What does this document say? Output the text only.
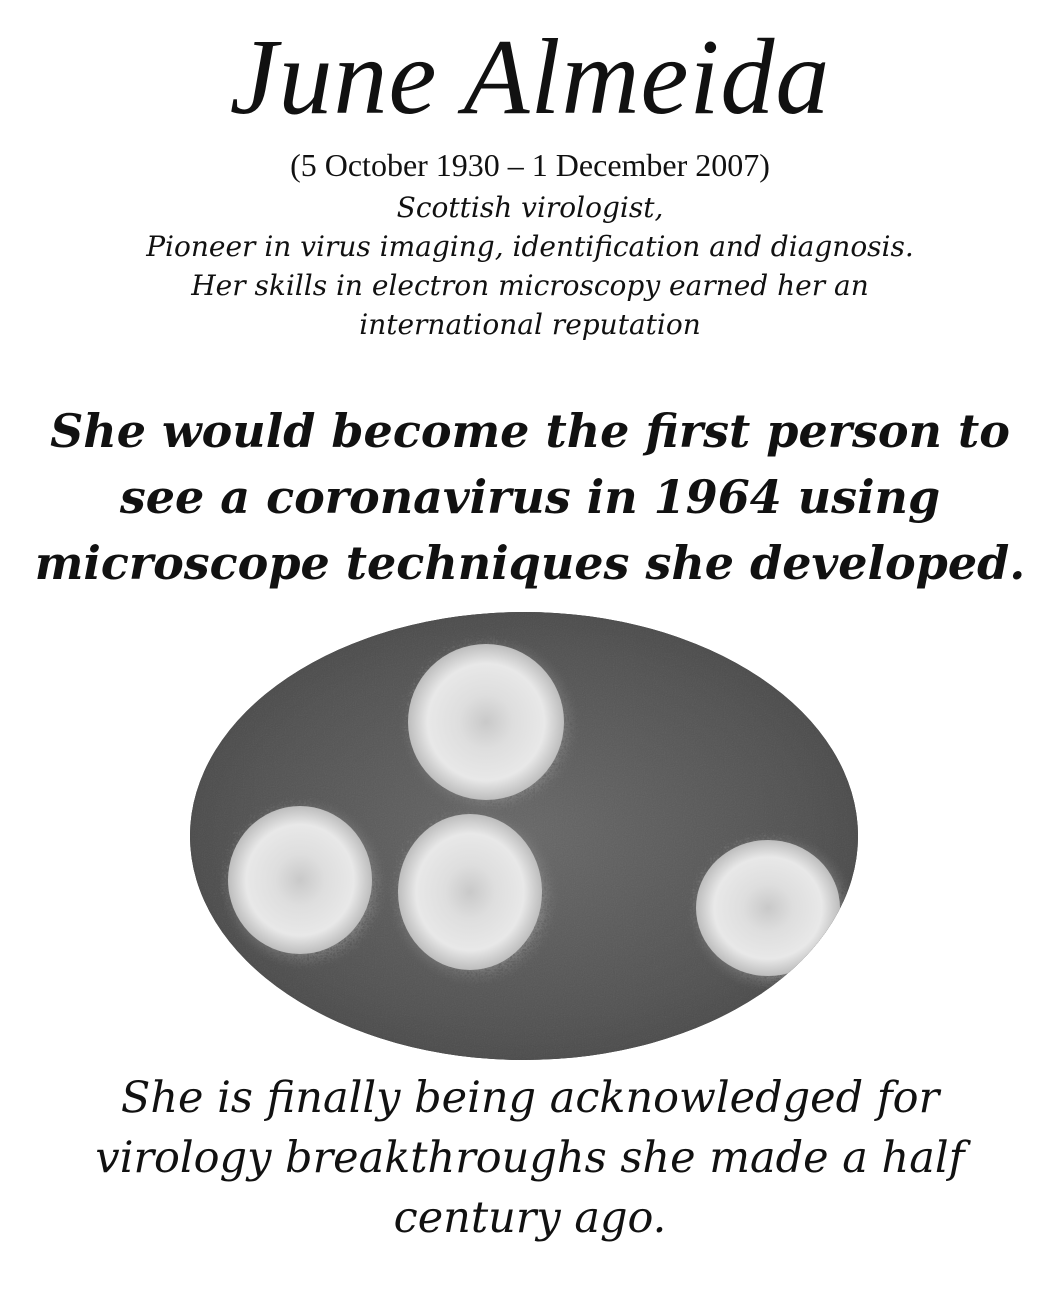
June Almeida
(5 October 1930 – 1 December 2007)
Scottish virologist,
Pioneer in virus imaging, identification and diagnosis.
Her skills in electron microscopy earned her an
international reputation
She would become the first person to
see a coronavirus in 1964 using
microscope techniques she developed.
She is finally being acknowledged for
virology breakthroughs she made a half
century ago.
